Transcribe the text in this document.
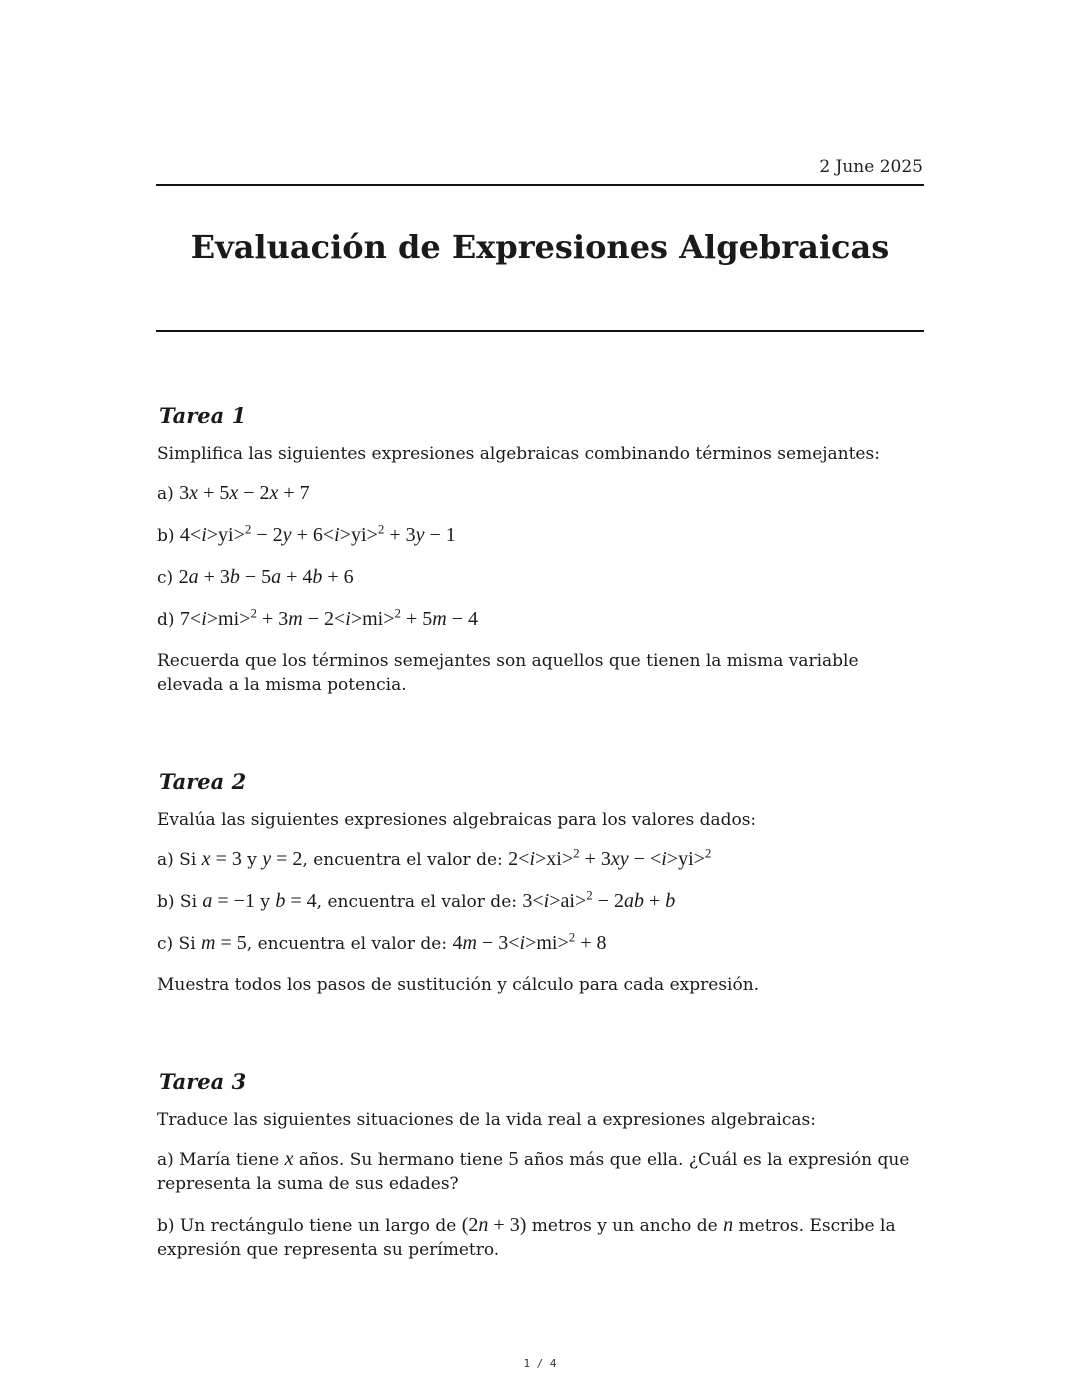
2 June 2025
Evaluación de Expresiones Algebraicas
Tarea 1

Simplifica las siguientes expresiones algebraicas combinando términos semejantes:

a) 3x + 5x − 2x + 7

b) 4<i>yi>$^2$ − 2y + 6<i>yi>$^2$ + 3y − 1

c) 2a + 3b − 5a + 4b + 6

d) 7<i>mi>$^2$ + 3m − 2<i>mi>$^2$ + 5m − 4

Recuerda que los términos semejantes son aquellos que tienen la misma variable elevada a la misma potencia.

Tarea 2

Evalúa las siguientes expresiones algebraicas para los valores dados:

a) Si x = 3 y y = 2, encuentra el valor de: 2<i>xi>$^2$ + 3xy − <i>yi>$^2$

b) Si a = −1 y b = 4, encuentra el valor de: 3<i>ai>$^2$ − 2ab + b

c) Si m = 5, encuentra el valor de: 4m − 3<i>mi>$^2$ + 8

Muestra todos los pasos de sustitución y cálculo para cada expresión.

Tarea 3

Traduce las siguientes situaciones de la vida real a expresiones algebraicas:

a) María tiene x años. Su hermano tiene 5 años más que ella. ¿Cuál es la expresión que representa la suma de sus edades?

b) Un rectángulo tiene un largo de (2n + 3) metros y un ancho de n metros. Escribe la expresión que representa su perímetro.

1 / 4
